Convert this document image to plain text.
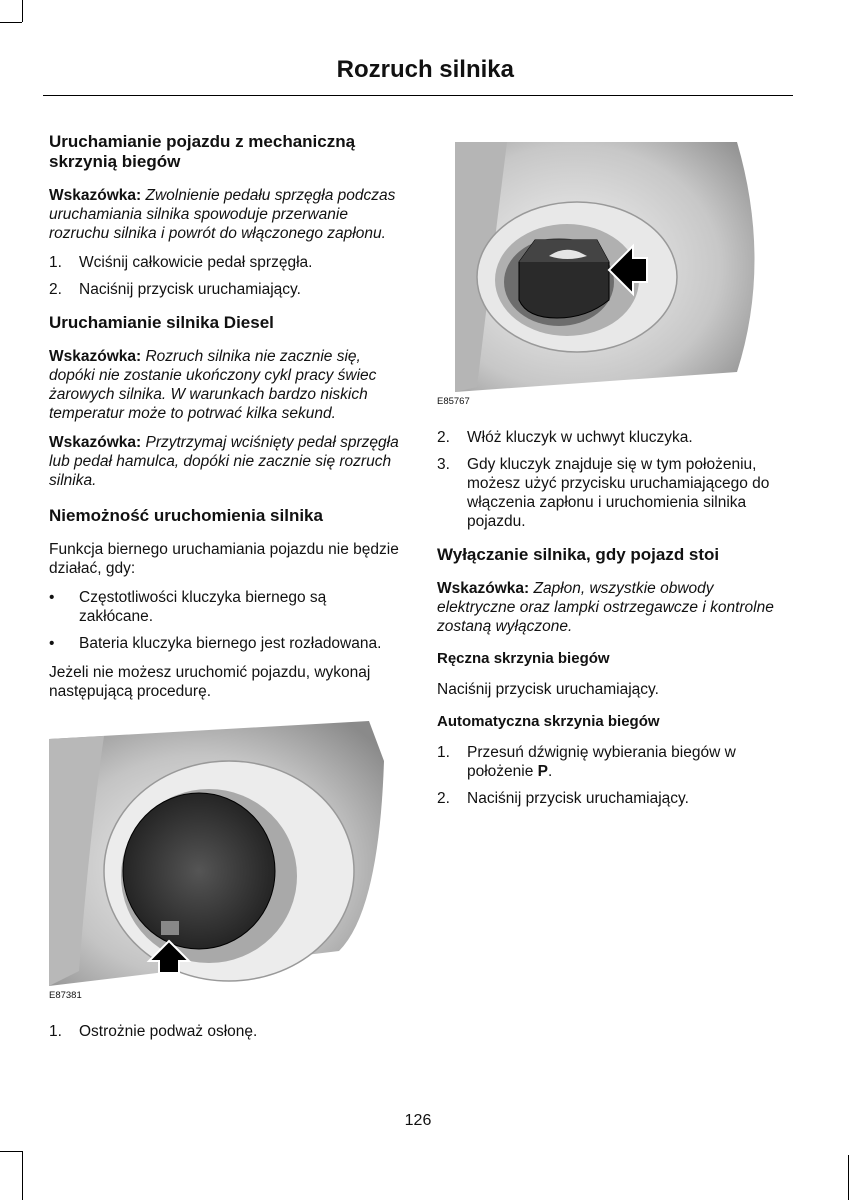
Rozruch silnika
Uruchamianie pojazdu z mechaniczną skrzynią biegów

Wskazówka: Zwolnienie pedału sprzęgła podczas uruchamiania silnika spowoduje przerwanie rozruchu silnika i powrót do włączonego zapłonu.

1.	Wciśnij całkowicie pedał sprzęgła.
2.	Naciśnij przycisk uruchamiający.
Uruchamianie silnika Diesel

Wskazówka: Rozruch silnika nie zacznie się, dopóki nie zostanie ukończony cykl pracy świec żarowych silnika. W warunkach bardzo niskich temperatur może to potrwać kilka sekund.

Wskazówka: Przytrzymaj wciśnięty pedał sprzęgła lub pedał hamulca, dopóki nie zacznie się rozruch silnika.

Niemożność uruchomienia silnika

Funkcja biernego uruchamiania pojazdu nie będzie działać, gdy:

•	Częstotliwości kluczyka biernego są zakłócane.
•	Bateria kluczyka biernego jest rozładowana.

Jeżeli nie możesz uruchomić pojazdu, wykonaj następującą procedurę.

E87381
1.	Ostrożnie podważ osłonę.
E85767
2.	Włóż kluczyk w uchwyt kluczyka.
3.	Gdy kluczyk znajduje się w tym położeniu, możesz użyć przycisku uruchamiającego do włączenia zapłonu i uruchomienia silnika pojazdu.
Wyłączanie silnika, gdy pojazd stoi

Wskazówka: Zapłon, wszystkie obwody elektryczne oraz lampki ostrzegawcze i kontrolne zostaną wyłączone.

Ręczna skrzynia biegów

Naciśnij przycisk uruchamiający.

Automatyczna skrzynia biegów
1.	Przesuń dźwignię wybierania biegów w położenie P.
2.	Naciśnij przycisk uruchamiający.
126
